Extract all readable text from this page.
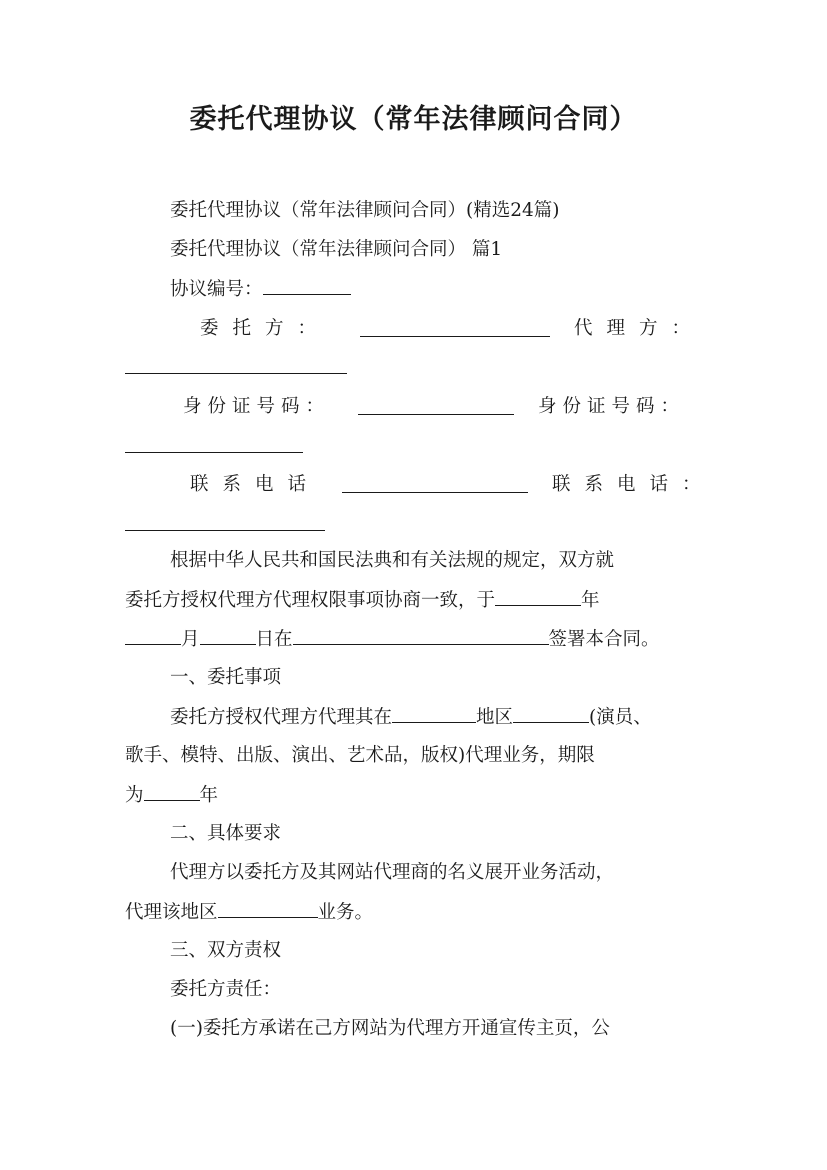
委托代理协议（常年法律顾问合同）
委托代理协议（常年法律顾问合同）(精选24篇)
委托代理协议（常年法律顾问合同） 篇1
协议编号：
委托方：	代理方：
身份证号码：	身份证号码：
联系电话	联系电话：
根据中华人民共和国民法典和有关法规的规定，双方就
委托方授权代理方代理权限事项协商一致，于	年
月	日在	签署本合同。
一、委托事项
委托方授权代理方代理其在	地区	(演员、
歌手、模特、出版、演出、艺术品，版权)代理业务，期限
为	年
二、具体要求
代理方以委托方及其网站代理商的名义展开业务活动，
代理该地区	业务。
三、双方责权
委托方责任：
(一)委托方承诺在己方网站为代理方开通宣传主页，公
